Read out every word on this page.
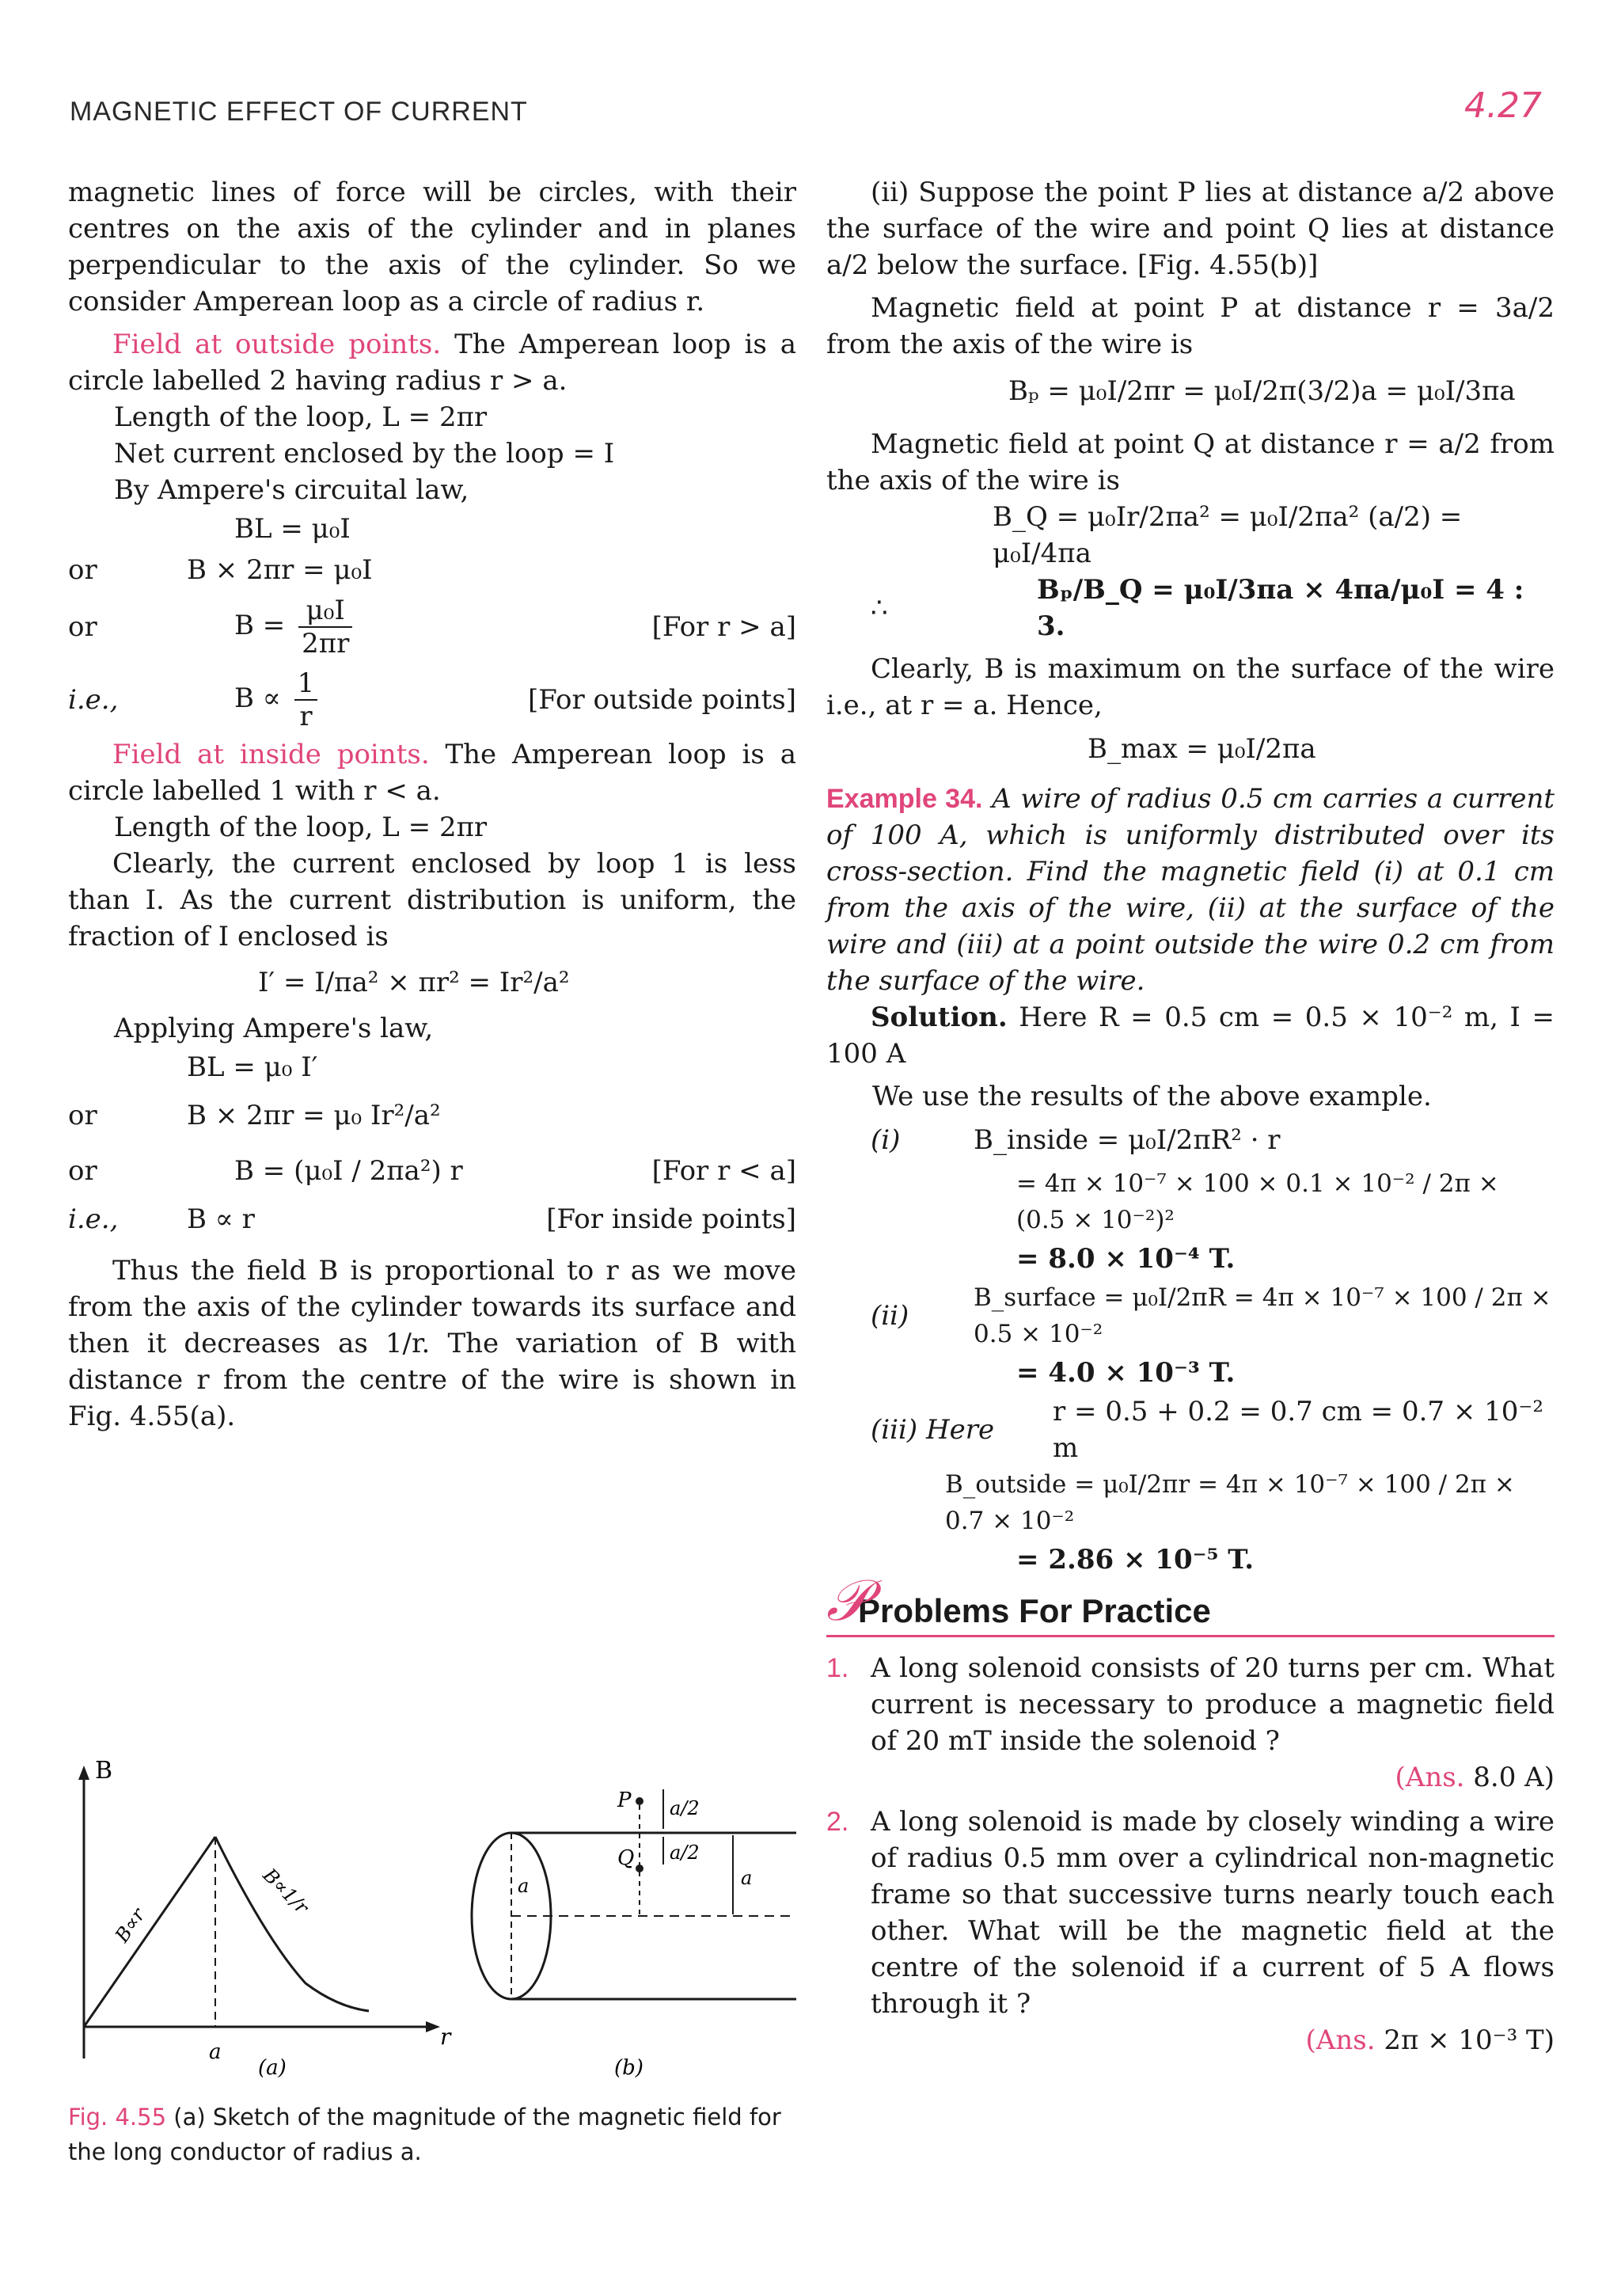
MAGNETIC EFFECT OF CURRENT	4.27

magnetic lines of force will be circles, with their centres on the axis of the cylinder and in planes perpendicular to the axis of the cylinder. So we consider Amperean loop as a circle of radius r.

Field at outside points. The Amperean loop is a circle labelled 2 having radius r > a.

Length of the loop, L = 2πr

Net current enclosed by the loop = I

By Ampere's circuital law,

BL = μ₀I
or	B × 2πr = μ₀I
or	$B = \frac{\text{μ₀I}}{2\pi r}$	[For r > a]
i.e.,	$B \propto \frac{1}{r}$	[For outside points]

Field at inside points. The Amperean loop is a circle labelled 1 with r < a.

Length of the loop, L = 2πr

Clearly, the current enclosed by loop 1 is less than I. As the current distribution is uniform, the fraction of I enclosed is

I′ = I/πa² × πr² = Ir²/a²

Applying Ampere's law,

BL = μ₀ I′
or	B × 2πr = μ₀ Ir²/a²
or	B = (μ₀I / 2πa²) r	[For r < a]
i.e.,	B ∝ r	[For inside points]

Thus the field B is proportional to r as we move from the axis of the cylinder towards its surface and then it decreases as 1/r. The variation of B with distance r from the centre of the wire is shown in Fig. 4.55(a).

B
r
a
B∝r
B∝1/r
(a)
a
P
Q
a/2
a/2
a
(b)
Fig. 4.55 (a) Sketch of the magnitude of the magnetic field for the long conductor of radius a.

(ii) Suppose the point P lies at distance a/2 above the surface of the wire and point Q lies at distance a/2 below the surface. [Fig. 4.55(b)]

Magnetic field at point P at distance r = 3a/2 from the axis of the wire is

Bₚ = μ₀I/2πr = μ₀I/2π(3/2)a = μ₀I/3πa

Magnetic field at point Q at distance r = a/2 from the axis of the wire is

B_Q = μ₀Ir/2πa² = μ₀I/2πa² (a/2) = μ₀I/4πa
∴
Bₚ/B_Q = μ₀I/3πa × 4πa/μ₀I = 4 : 3.

Clearly, B is maximum on the surface of the wire i.e., at r = a. Hence,

B_max = μ₀I/2πa

Example 34. A wire of radius 0.5 cm carries a current of 100 A, which is uniformly distributed over its cross-section. Find the magnetic field (i) at 0.1 cm from the axis of the wire, (ii) at the surface of the wire and (iii) at a point outside the wire 0.2 cm from the surface of the wire.

Solution. Here R = 0.5 cm = 0.5 × 10⁻² m, I = 100 A

We use the results of the above example.

(i)	B_inside = μ₀I/2πR² · r
= 4π × 10⁻⁷ × 100 × 0.1 × 10⁻² / 2π × (0.5 × 10⁻²)²
= 8.0 × 10⁻⁴ T.
(ii)
B_surface = μ₀I/2πR = 4π × 10⁻⁷ × 100 / 2π × 0.5 × 10⁻²
= 4.0 × 10⁻³ T.
(iii) Here
r = 0.5 + 0.2 = 0.7 cm = 0.7 × 10⁻² m
B_outside = μ₀I/2πr = 4π × 10⁻⁷ × 100 / 2π × 0.7 × 10⁻²
= 2.86 × 10⁻⁵ T.
𝒫
Problems For Practice
1. A long solenoid consists of 20 turns per cm. What current is necessary to produce a magnetic field of 20 mT inside the solenoid ?
(Ans. 8.0 A)
2. A long solenoid is made by closely winding a wire of radius 0.5 mm over a cylindrical non-magnetic frame so that successive turns nearly touch each other. What will be the magnetic field at the centre of the solenoid if a current of 5 A flows through it ?
(Ans. 2π × 10⁻³ T)
